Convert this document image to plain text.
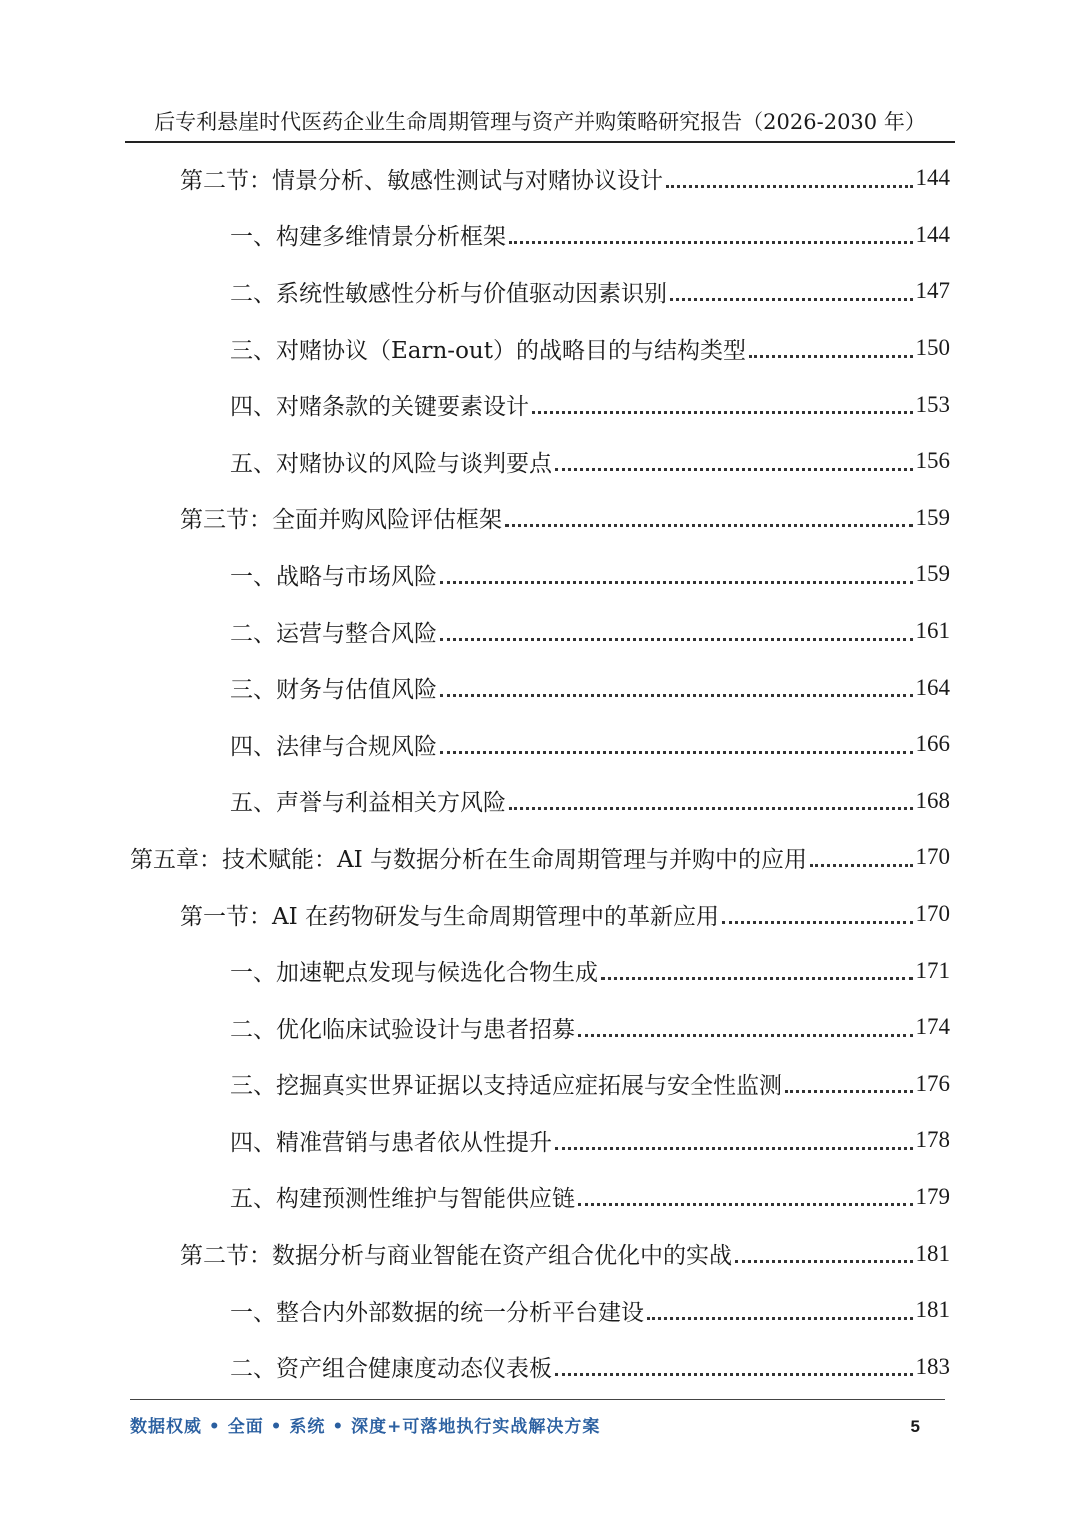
后专利悬崖时代医药企业生命周期管理与资产并购策略研究报告（2026-2030 年）
第二节：情景分析、敏感性测试与对赌协议设计	144
一、构建多维情景分析框架	144
二、系统性敏感性分析与价值驱动因素识别	147
三、对赌协议（Earn-out）的战略目的与结构类型	150
四、对赌条款的关键要素设计	153
五、对赌协议的风险与谈判要点	156
第三节：全面并购风险评估框架	159
一、战略与市场风险	159
二、运营与整合风险	161
三、财务与估值风险	164
四、法律与合规风险	166
五、声誉与利益相关方风险	168
第五章：技术赋能：AI 与数据分析在生命周期管理与并购中的应用	170
第一节：AI 在药物研发与生命周期管理中的革新应用	170
一、加速靶点发现与候选化合物生成	171
二、优化临床试验设计与患者招募	174
三、挖掘真实世界证据以支持适应症拓展与安全性监测	176
四、精准营销与患者依从性提升	178
五、构建预测性维护与智能供应链	179
第二节：数据分析与商业智能在资产组合优化中的实战	181
一、整合内外部数据的统一分析平台建设	181
二、资产组合健康度动态仪表板	183
数据权威 • 全面 • 系统 • 深度+可落地执行实战解决方案	5
